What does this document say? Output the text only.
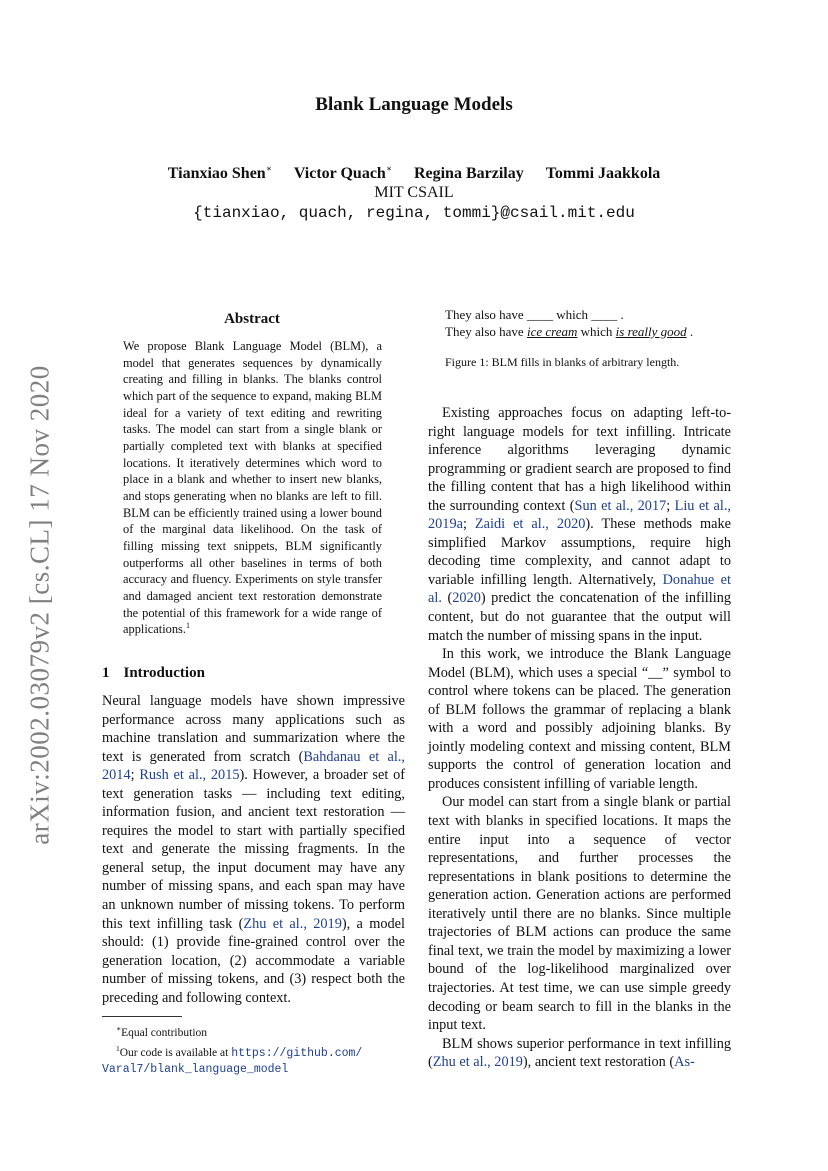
arXiv:2002.03079v2 [cs.CL] 17 Nov 2020
Blank Language Models
Tianxiao Shen∗ Victor Quach∗ Regina Barzilay Tommi Jaakkola
MIT CSAIL
{tianxiao, quach, regina, tommi}@csail.mit.edu
Abstract
We propose Blank Language Model (BLM), a model that generates sequences by dynamically creating and filling in blanks. The blanks control which part of the sequence to expand, making BLM ideal for a variety of text editing and rewriting tasks. The model can start from a single blank or partially completed text with blanks at specified locations. It iteratively determines which word to place in a blank and whether to insert new blanks, and stops generating when no blanks are left to fill. BLM can be efficiently trained using a lower bound of the marginal data likelihood. On the task of filling missing text snippets, BLM significantly outperforms all other baselines in terms of both accuracy and fluency. Experiments on style transfer and damaged ancient text restoration demonstrate the potential of this framework for a wide range of applications.$^1$
1 Introduction

Neural language models have shown impressive performance across many applications such as machine translation and summarization where the text is generated from scratch (Bahdanau et al., 2014; Rush et al., 2015). However, a broader set of text generation tasks — including text editing, information fusion, and ancient text restoration — requires the model to start with partially specified text and generate the missing fragments. In the general setup, the input document may have any number of missing spans, and each span may have an unknown number of missing tokens. To perform this text infilling task (Zhu et al., 2019), a model should: (1) provide fine-grained control over the generation location, (2) accommodate a variable number of missing tokens, and (3) respect both the preceding and following context.

∗Equal contribution

$^1$Our code is available at https://github.com/

Varal7/blank_language_model

They also have ____ which ____ .
They also have ice cream which is really good .
Figure 1: BLM fills in blanks of arbitrary length.

Existing approaches focus on adapting left-to-right language models for text infilling. Intricate inference algorithms leveraging dynamic programming or gradient search are proposed to find the filling content that has a high likelihood within the surrounding context (Sun et al., 2017; Liu et al., 2019a; Zaidi et al., 2020). These methods make simplified Markov assumptions, require high decoding time complexity, and cannot adapt to variable infilling length. Alternatively, Donahue et al. (2020) predict the concatenation of the infilling content, but do not guarantee that the output will match the number of missing spans in the input.

In this work, we introduce the Blank Language Model (BLM), which uses a special “__” symbol to control where tokens can be placed. The generation of BLM follows the grammar of replacing a blank with a word and possibly adjoining blanks. By jointly modeling context and missing content, BLM supports the control of generation location and produces consistent infilling of variable length.

Our model can start from a single blank or partial text with blanks in specified locations. It maps the entire input into a sequence of vector representations, and further processes the representations in blank positions to determine the generation action. Generation actions are performed iteratively until there are no blanks. Since multiple trajectories of BLM actions can produce the same final text, we train the model by maximizing a lower bound of the log-likelihood marginalized over trajectories. At test time, we can use simple greedy decoding or beam search to fill in the blanks in the input text.

BLM shows superior performance in text infilling (Zhu et al., 2019), ancient text restoration (As-
